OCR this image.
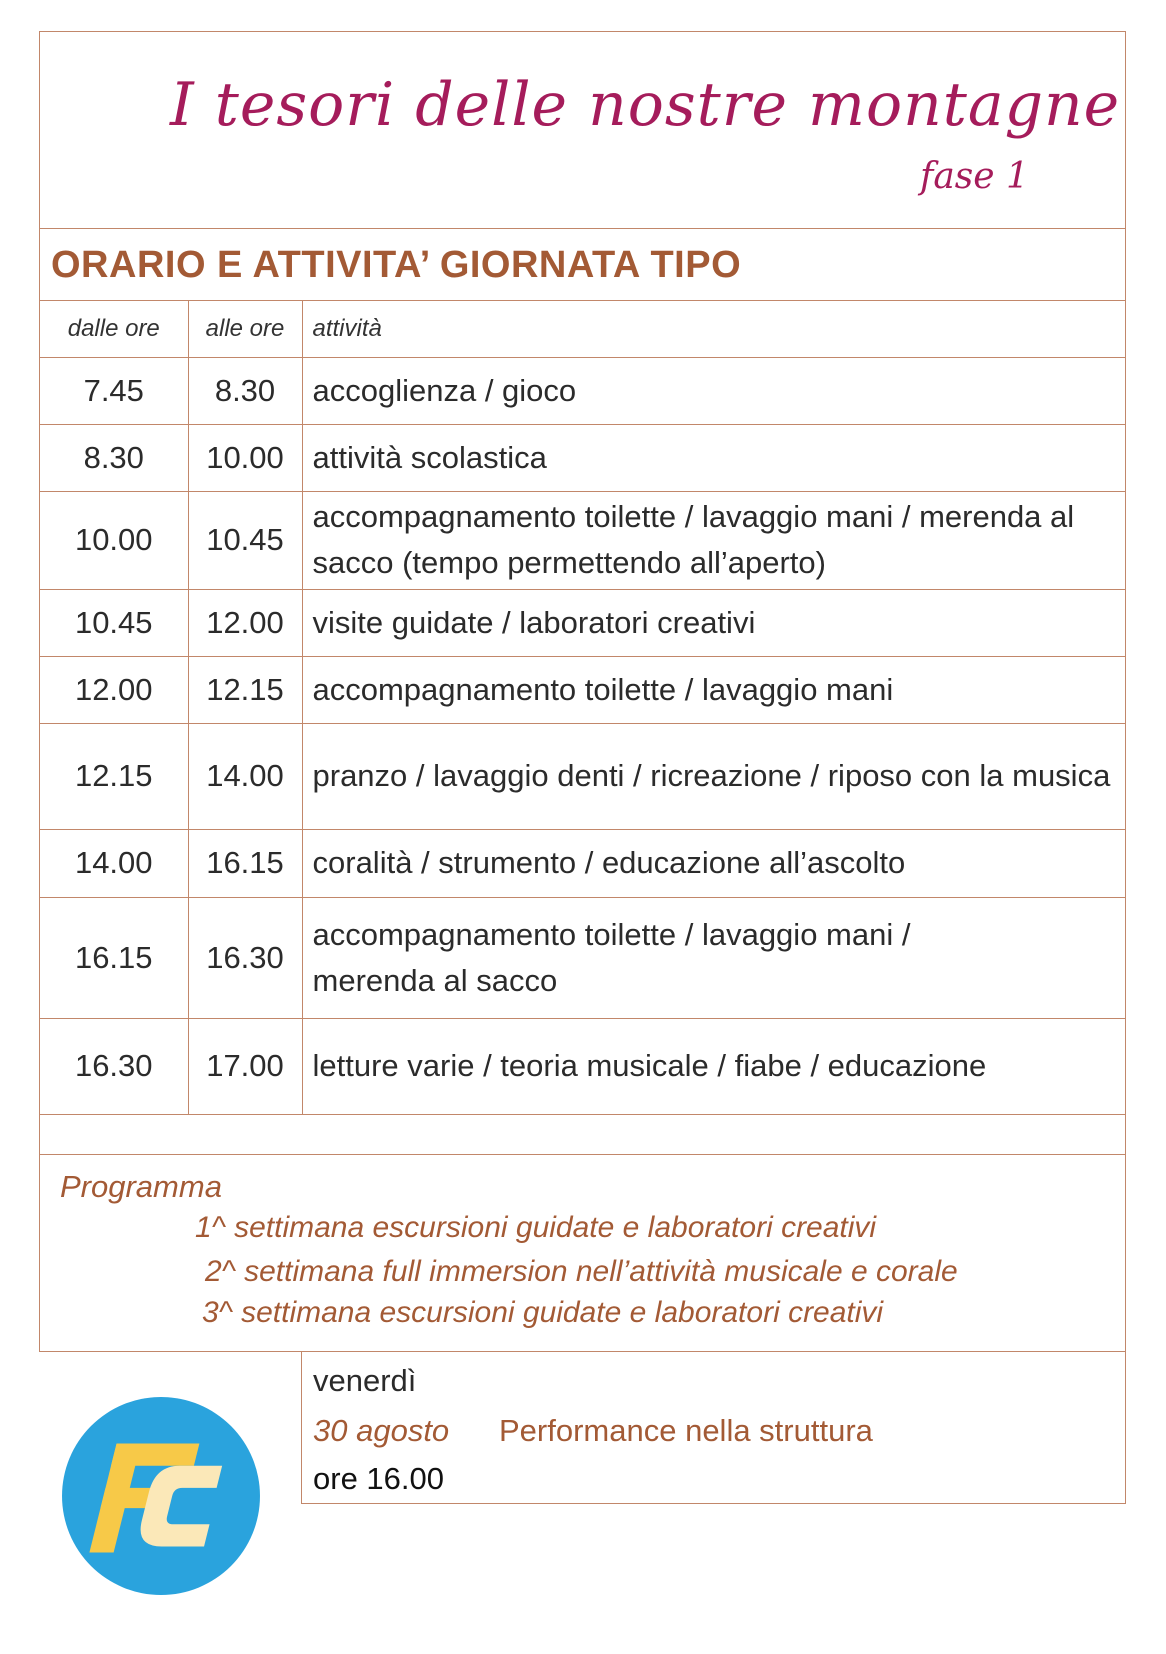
I tesori delle nostre montagne
fase 1
ORARIO E ATTIVITA’ GIORNATA TIPO
dalle ore	alle ore	attività
7.45	8.30	accoglienza / gioco
8.30	10.00	attività scolastica
10.00	10.45	accompagnamento toilette / lavaggio mani / merenda al sacco (tempo permettendo all’aperto)
10.45	12.00	visite guidate / laboratori creativi
12.00	12.15	accompagnamento toilette / lavaggio mani
12.15	14.00	pranzo / lavaggio denti / ricreazione / riposo con la musica
14.00	16.15	coralità / strumento / educazione all’ascolto
16.15	16.30	accompagnamento toilette / lavaggio mani / merenda al sacco
16.30	17.00	letture varie / teoria musicale / fiabe / educazione
Programma
1^ settimana escursioni guidate e laboratori creativi
2^ settimana full immersion nell’attività musicale e corale
3^ settimana escursioni guidate e laboratori creativi
venerdì
30 agosto Performance nella struttura
ore 16.00
